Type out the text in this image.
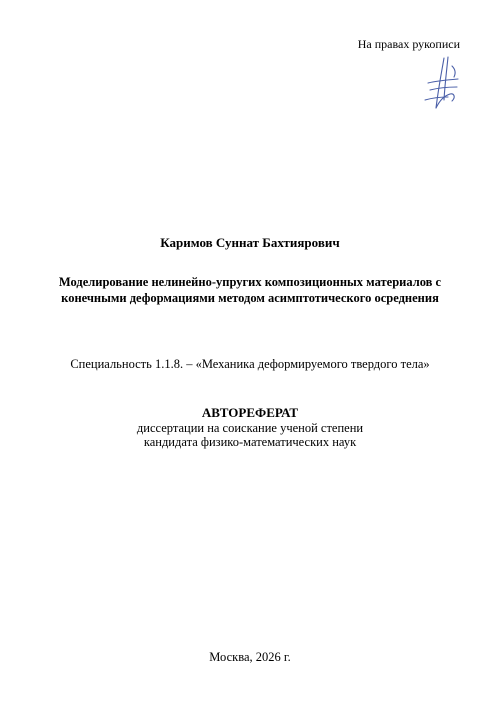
На правах рукописи
Каримов Суннат Бахтиярович
Моделирование нелинейно-упругих композиционных материалов с
конечными деформациями методом асимптотического осреднения
Специальность 1.1.8. – «Механика деформируемого твердого тела»
АВТОРЕФЕРАТ
диссертации на соискание ученой степени
кандидата физико-математических наук
Москва, 2026 г.
